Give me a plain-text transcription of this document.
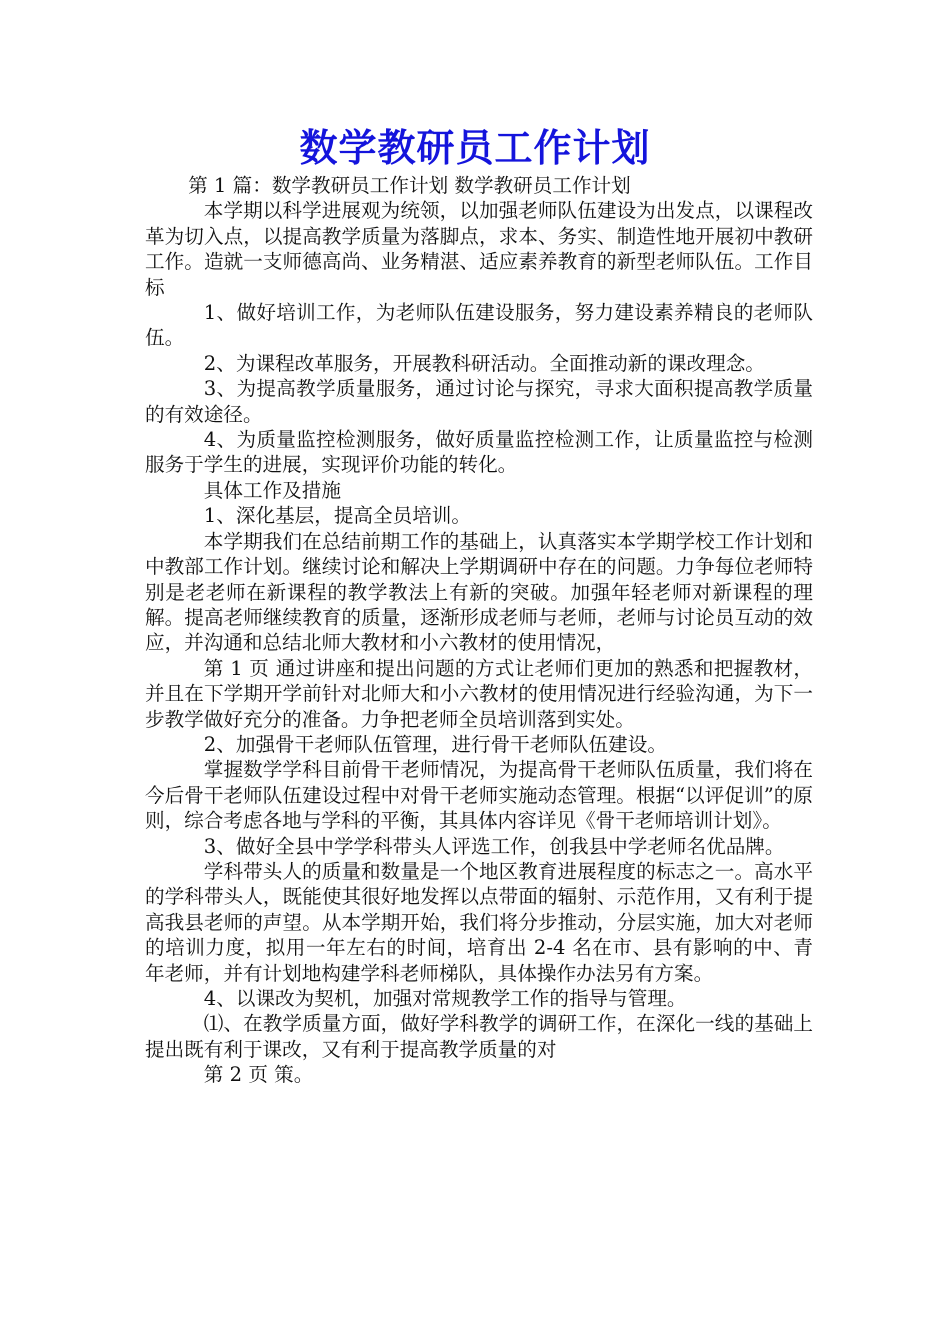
数学教研员工作计划

第 1 篇：数学教研员工作计划 数学教研员工作计划

本学期以科学进展观为统领，以加强老师队伍建设为出发点，以课程改革为切入点，以提高教学质量为落脚点，求本、务实、制造性地开展初中教研工作。造就一支师德高尚、业务精湛、适应素养教育的新型老师队伍。工作目标

1、做好培训工作，为老师队伍建设服务，努力建设素养精良的老师队伍。

2、为课程改革服务，开展教科研活动。全面推动新的课改理念。

3、为提高教学质量服务，通过讨论与探究，寻求大面积提高教学质量的有效途径。

4、为质量监控检测服务，做好质量监控检测工作，让质量监控与检测服务于学生的进展，实现评价功能的转化。

具体工作及措施

1、深化基层，提高全员培训。

本学期我们在总结前期工作的基础上，认真落实本学期学校工作计划和中教部工作计划。继续讨论和解决上学期调研中存在的问题。力争每位老师特别是老老师在新课程的教学教法上有新的突破。加强年轻老师对新课程的理解。提高老师继续教育的质量，逐渐形成老师与老师，老师与讨论员互动的效应，并沟通和总结北师大教材和小六教材的使用情况，

第 1 页 通过讲座和提出问题的方式让老师们更加的熟悉和把握教材，并且在下学期开学前针对北师大和小六教材的使用情况进行经验沟通，为下一步教学做好充分的准备。力争把老师全员培训落到实处。

2、加强骨干老师队伍管理，进行骨干老师队伍建设。

掌握数学学科目前骨干老师情况，为提高骨干老师队伍质量，我们将在今后骨干老师队伍建设过程中对骨干老师实施动态管理。根据“以评促训”的原则，综合考虑各地与学科的平衡，其具体内容详见《骨干老师培训计划》。

3、做好全县中学学科带头人评选工作，创我县中学老师名优品牌。

学科带头人的质量和数量是一个地区教育进展程度的标志之一。高水平的学科带头人，既能使其很好地发挥以点带面的辐射、示范作用，又有利于提高我县老师的声望。从本学期开始，我们将分步推动，分层实施，加大对老师的培训力度，拟用一年左右的时间，培育出 2-4 名在市、县有影响的中、青年老师，并有计划地构建学科老师梯队，具体操作办法另有方案。

4、以课改为契机，加强对常规教学工作的指导与管理。

⑴、在教学质量方面，做好学科教学的调研工作，在深化一线的基础上提出既有利于课改，又有利于提高教学质量的对

第 2 页 策。
